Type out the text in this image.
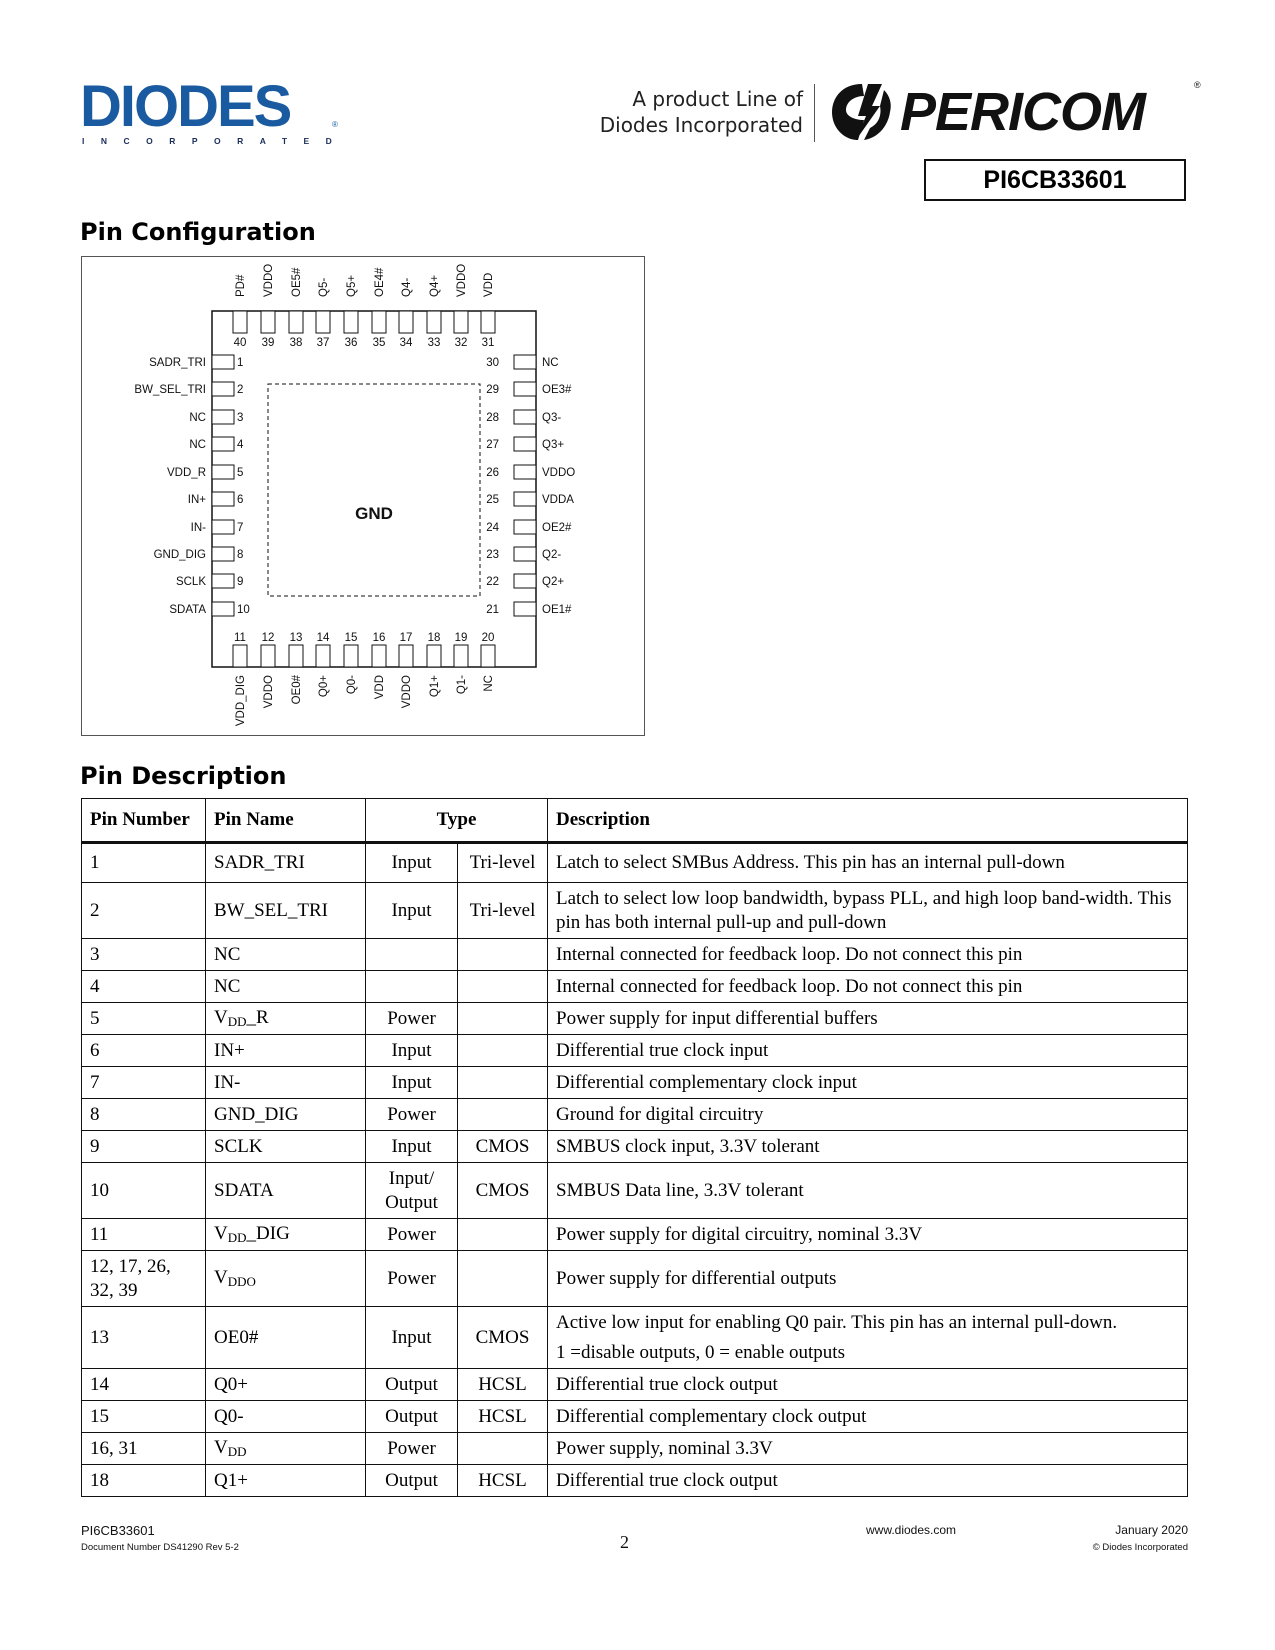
DIODES	®
INCORPORATED
A product Line of
Diodes Incorporated PERICOM	®
PI6CB33601
Pin Configuration
GND
40
PD#
39
VDDO
38
OE5#
37
Q5-
36
Q5+
35
OE4#
34
Q4-
33
Q4+
32
VDDO
31
VDD
11
VDD_DIG
12
VDDO
13
OE0#
14
Q0+
15
Q0-
16
VDD
17
VDDO
18
Q1+
19
Q1-
20
NC
1
SADR_TRI
2
BW_SEL_TRI
3
NC
4
NC
5
VDD_R
6
IN+
7
IN-
8
GND_DIG
9
SCLK
10
SDATA
30	NC
29	OE3#
28	Q3-
27	Q3+
26	VDDO
25	VDDA
24	OE2#
23	Q2-
22	Q2+
21	OE1#
Pin Description
Pin Number	Pin Name	Type		Description
1	SADR_TRI	Input	Tri-level	Latch to select SMBus Address. This pin has an internal pull-down
2	BW_SEL_TRI	Input	Tri-level	Latch to select low loop bandwidth, bypass PLL, and high loop band-width. This pin has both internal pull-up and pull-down
3	NC			Internal connected for feedback loop. Do not connect this pin
4	NC			Internal connected for feedback loop. Do not connect this pin
5	$V_{DD}\_R$	Power		Power supply for input differential buffers
6	IN+	Input		Differential true clock input
7	IN-	Input		Differential complementary clock input
8	GND_DIG	Power		Ground for digital circuitry
9	SCLK	Input	CMOS	SMBUS clock input, 3.3V tolerant
10	SDATA	Input/ Output	CMOS	SMBUS Data line, 3.3V tolerant
11	$V_{DD}\_DIG$	Power		Power supply for digital circuitry, nominal 3.3V
12, 17, 26, 32, 39	$V_{DDO}$	Power		Power supply for differential outputs
13	OE0#	Input	CMOS	Active low input for enabling Q0 pair. This pin has an internal pull-down.
1 =disable outputs, 0 = enable outputs

14	Q0+	Output	HCSL	Differential true clock output
15	Q0-	Output	HCSL	Differential complementary clock output
16, 31	$V_{DD}$	Power		Power supply, nominal 3.3V
18	Q1+	Output	HCSL	Differential true clock output
PI6CB33601
Document Number DS41290 Rev 5-2	2
www.diodes.com	January 2020
© Diodes Incorporated
